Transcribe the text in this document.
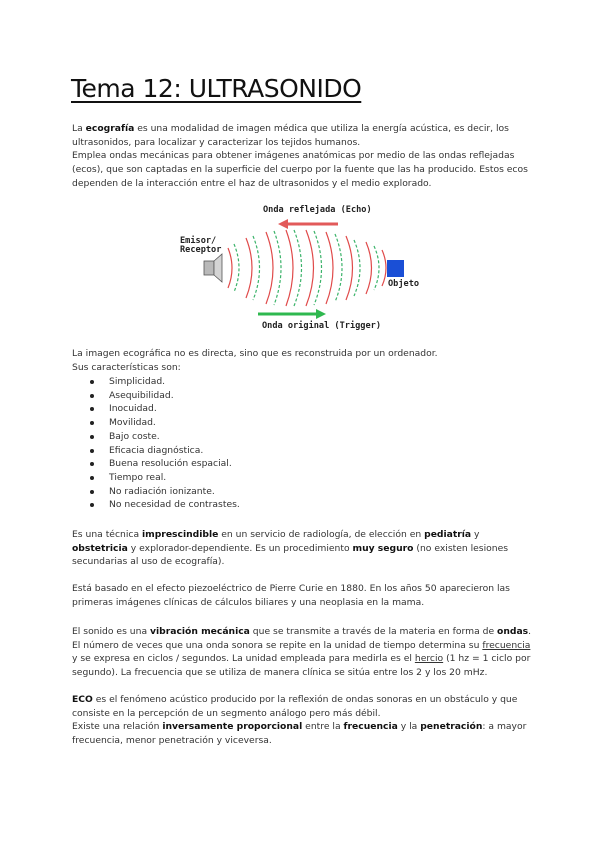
Tema 12: ULTRASONIDO

La ecografía es una modalidad de imagen médica que utiliza la energía acústica, es decir, los ultrasonidos, para localizar y caracterizar los tejidos humanos.
Emplea ondas mecánicas para obtener imágenes anatómicas por medio de las ondas reflejadas (ecos), que son captadas en la superficie del cuerpo por la fuente que las ha producido. Estos ecos dependen de la interacción entre el haz de ultrasonidos y el medio explorado.

Onda reflejada (Echo)
Emisor/
Receptor
Objeto
Onda original (Trigger)

La imagen ecográfica no es directa, sino que es reconstruida por un ordenador.
Sus características son:

Simplicidad.
Asequibilidad.
Inocuidad.
Movilidad.
Bajo coste.
Eficacia diagnóstica.
Buena resolución espacial.
Tiempo real.
No radiación ionizante.
No necesidad de contrastes.

Es una técnica imprescindible en un servicio de radiología, de elección en pediatría y obstetricia y explorador-dependiente. Es un procedimiento muy seguro (no existen lesiones secundarias al uso de ecografía).

Está basado en el efecto piezoeléctrico de Pierre Curie en 1880. En los años 50 aparecieron las primeras imágenes clínicas de cálculos biliares y una neoplasia en la mama.

El sonido es una vibración mecánica que se transmite a través de la materia en forma de ondas.
El número de veces que una onda sonora se repite en la unidad de tiempo determina su frecuencia y se expresa en ciclos / segundos. La unidad empleada para medirla es el hercio (1 hz = 1 ciclo por segundo). La frecuencia que se utiliza de manera clínica se sitúa entre los 2 y los 20 mHz.

ECO es el fenómeno acústico producido por la reflexión de ondas sonoras en un obstáculo y que consiste en la percepción de un segmento análogo pero más débil.
Existe una relación inversamente proporcional entre la frecuencia y la penetración: a mayor frecuencia, menor penetración y viceversa.
